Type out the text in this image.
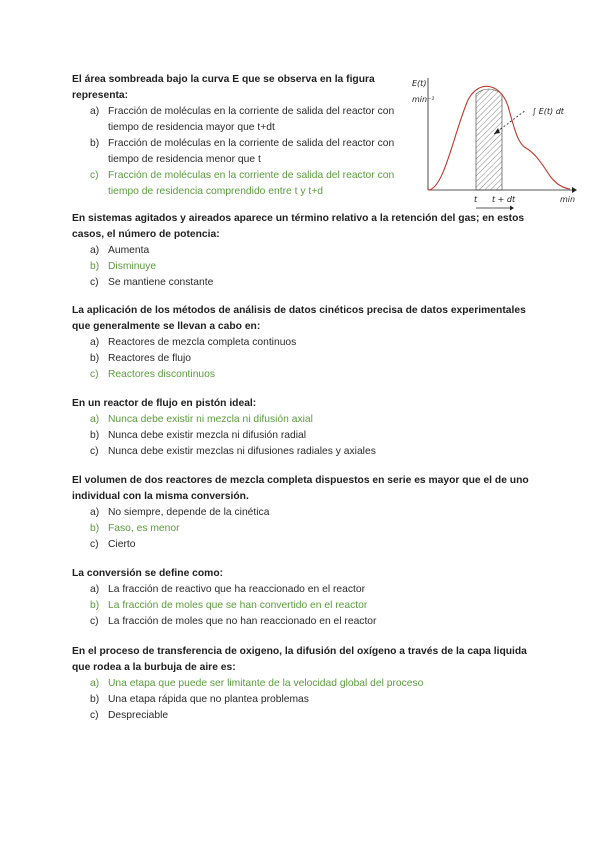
El área sombreada bajo la curva E que se observa en la figura representa:
a) Fracción de moléculas en la corriente de salida del reactor con tiempo de residencia mayor que t+dt
b) Fracción de moléculas en la corriente de salida del reactor con tiempo de residencia menor que t
c) Fracción de moléculas en la corriente de salida del reactor con tiempo de residencia comprendido entre t y t+d
E(t)
min⁻¹
∫ E(t) dt
t t + dt	min
En sistemas agitados y aireados aparece un término relativo a la retención del gas; en estos casos, el número de potencia:
a) Aumenta
b) Disminuye
c) Se mantiene constante
La aplicación de los métodos de análisis de datos cinéticos precisa de datos experimentales que generalmente se llevan a cabo en:
a) Reactores de mezcla completa continuos
b) Reactores de flujo
c) Reactores discontinuos
En un reactor de flujo en pistón ideal:
a) Nunca debe existir ni mezcla ni difusión axial
b) Nunca debe existir mezcla ni difusión radial
c) Nunca debe existir mezclas ni difusiones radiales y axiales
El volumen de dos reactores de mezcla completa dispuestos en serie es mayor que el de uno individual con la misma conversión.
a) No siempre, depende de la cinética
b) Faso, es menor
c) Cierto
La conversión se define como:
a) La fracción de reactivo que ha reaccionado en el reactor
b) La fracción de moles que se han convertido en el reactor
c) La fracción de moles que no han reaccionado en el reactor
En el proceso de transferencia de oxigeno, la difusión del oxígeno a través de la capa liquida que rodea a la burbuja de aire es:
a) Una etapa que puede ser limitante de la velocidad global del proceso
b) Una etapa rápida que no plantea problemas
c) Despreciable
